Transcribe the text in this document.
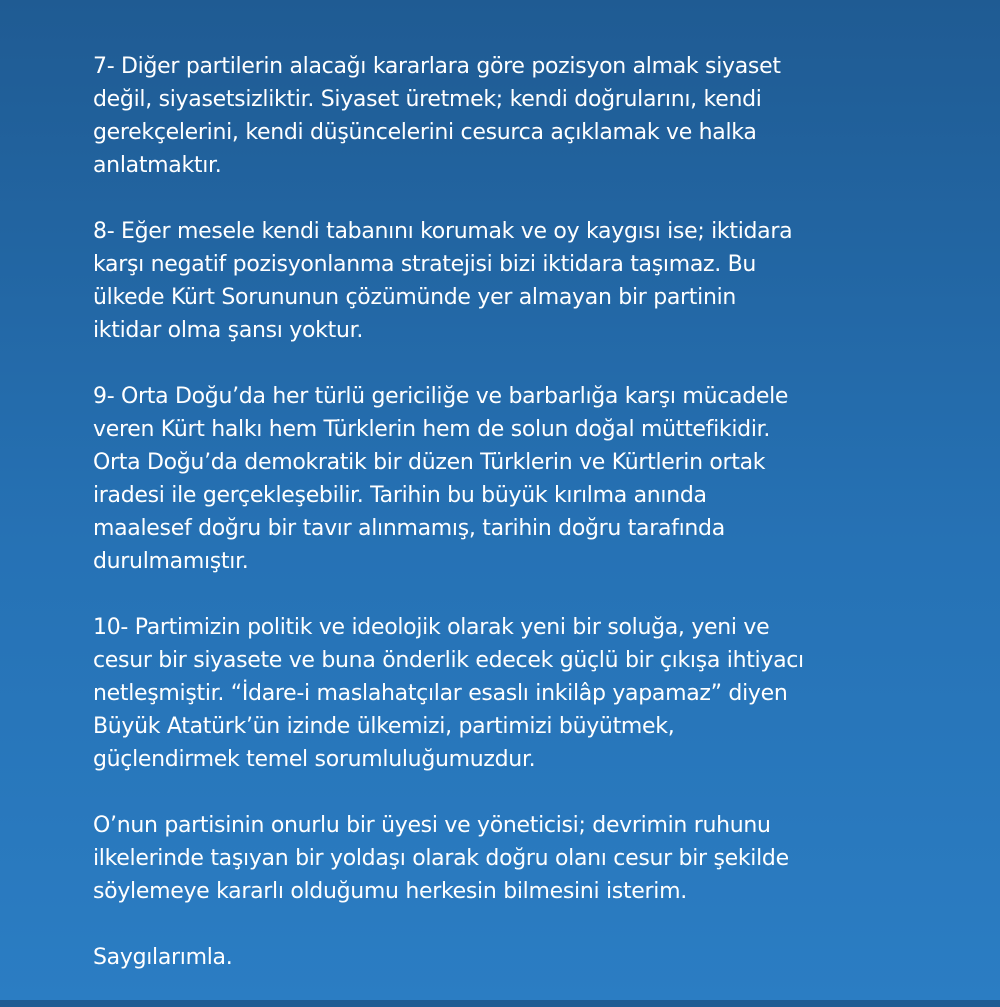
7- Diğer partilerin alacağı kararlara göre pozisyon almak siyaset
değil, siyasetsizliktir. Siyaset üretmek; kendi doğrularını, kendi
gerekçelerini, kendi düşüncelerini cesurca açıklamak ve halka
anlatmaktır.

8- Eğer mesele kendi tabanını korumak ve oy kaygısı ise; iktidara
karşı negatif pozisyonlanma stratejisi bizi iktidara taşımaz. Bu
ülkede Kürt Sorununun çözümünde yer almayan bir partinin
iktidar olma şansı yoktur.

9- Orta Doğu’da her türlü gericiliğe ve barbarlığa karşı mücadele
veren Kürt halkı hem Türklerin hem de solun doğal müttefikidir.
Orta Doğu’da demokratik bir düzen Türklerin ve Kürtlerin ortak
iradesi ile gerçekleşebilir. Tarihin bu büyük kırılma anında
maalesef doğru bir tavır alınmamış, tarihin doğru tarafında
durulmamıştır.

10- Partimizin politik ve ideolojik olarak yeni bir soluğa, yeni ve
cesur bir siyasete ve buna önderlik edecek güçlü bir çıkışa ihtiyacı
netleşmiştir. “İdare-i maslahatçılar esaslı inkilâp yapamaz” diyen
Büyük Atatürk’ün izinde ülkemizi, partimizi büyütmek,
güçlendirmek temel sorumluluğumuzdur.

O’nun partisinin onurlu bir üyesi ve yöneticisi; devrimin ruhunu
ilkelerinde taşıyan bir yoldaşı olarak doğru olanı cesur bir şekilde
söylemeye kararlı olduğumu herkesin bilmesini isterim.

Saygılarımla.
